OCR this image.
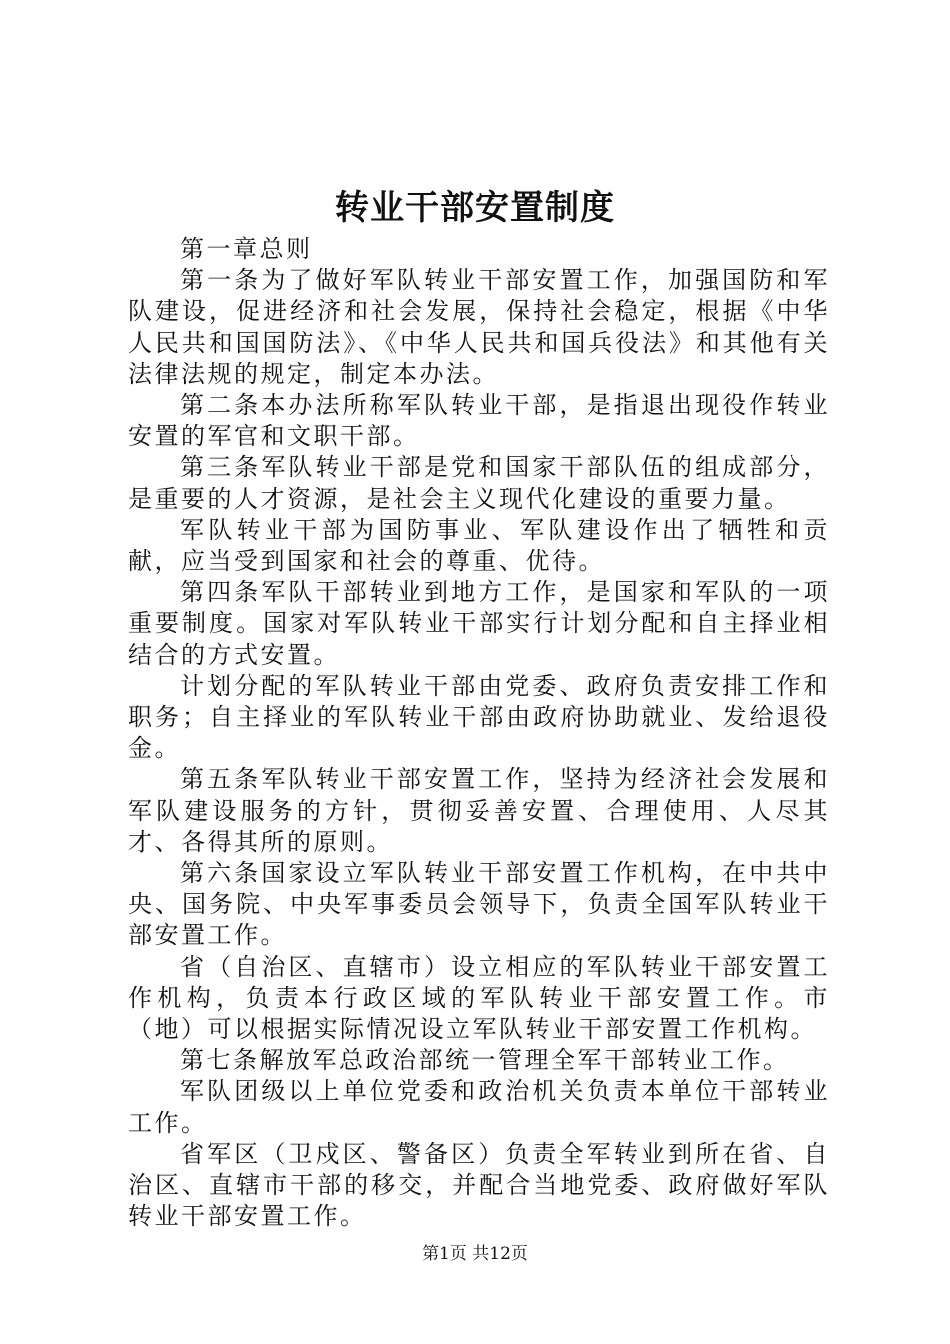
转业干部安置制度

第一章总则

第一条为了做好军队转业干部安置工作，加强国防和军队建设，促进经济和社会发展，保持社会稳定，根据《中华人民共和国国防法》、《中华人民共和国兵役法》和其他有关法律法规的规定，制定本办法。

第二条本办法所称军队转业干部，是指退出现役作转业安置的军官和文职干部。

第三条军队转业干部是党和国家干部队伍的组成部分，是重要的人才资源，是社会主义现代化建设的重要力量。

军队转业干部为国防事业、军队建设作出了牺牲和贡献，应当受到国家和社会的尊重、优待。

第四条军队干部转业到地方工作，是国家和军队的一项重要制度。国家对军队转业干部实行计划分配和自主择业相结合的方式安置。

计划分配的军队转业干部由党委、政府负责安排工作和职务；自主择业的军队转业干部由政府协助就业、发给退役金。

第五条军队转业干部安置工作，坚持为经济社会发展和军队建设服务的方针，贯彻妥善安置、合理使用、人尽其才、各得其所的原则。

第六条国家设立军队转业干部安置工作机构，在中共中央、国务院、中央军事委员会领导下，负责全国军队转业干部安置工作。

省（自治区、直辖市）设立相应的军队转业干部安置工作机构，负责本行政区域的军队转业干部安置工作。市（地）可以根据实际情况设立军队转业干部安置工作机构。

第七条解放军总政治部统一管理全军干部转业工作。

军队团级以上单位党委和政治机关负责本单位干部转业工作。

省军区（卫戍区、警备区）负责全军转业到所在省、自治区、直辖市干部的移交，并配合当地党委、政府做好军队转业干部安置工作。

第1页 共12页
